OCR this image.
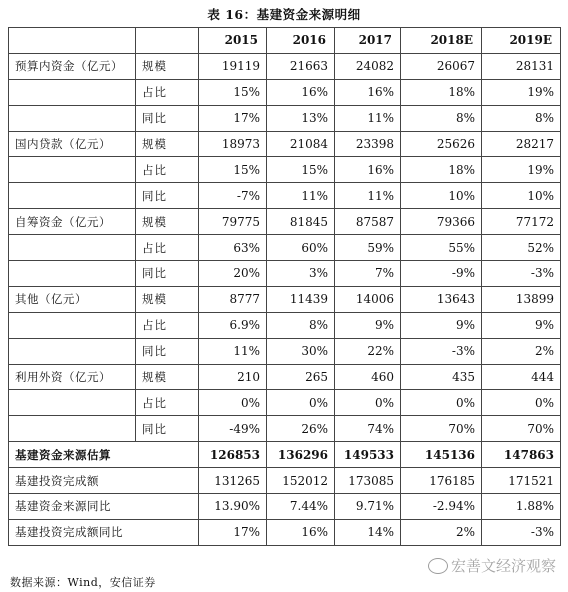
表 16：基建资金来源明细
		2015	2016	2017	2018E	2019E
预算内资金（亿元）	规模	19119	21663	24082	26067	28131
	占比	15%	16%	16%	18%	19%
	同比	17%	13%	11%	8%	8%
国内贷款（亿元）	规模	18973	21084	23398	25626	28217
	占比	15%	15%	16%	18%	19%
	同比	-7%	11%	11%	10%	10%
自筹资金（亿元）	规模	79775	81845	87587	79366	77172
	占比	63%	60%	59%	55%	52%
	同比	20%	3%	7%	-9%	-3%
其他（亿元）	规模	8777	11439	14006	13643	13899
	占比	6.9%	8%	9%	9%	9%
	同比	11%	30%	22%	-3%	2%
利用外资（亿元）	规模	210	265	460	435	444
	占比	0%	0%	0%	0%	0%
	同比	-49%	26%	74%	70%	70%
基建资金来源估算		126853	136296	149533	145136	147863
基建投资完成额		131265	152012	173085	176185	171521
基建资金来源同比		13.90%	7.44%	9.71%	-2.94%	1.88%
基建投资完成额同比		17%	16%	14%	2%	-3%
数据来源：Wind，安信证券
宏善文经济观察
